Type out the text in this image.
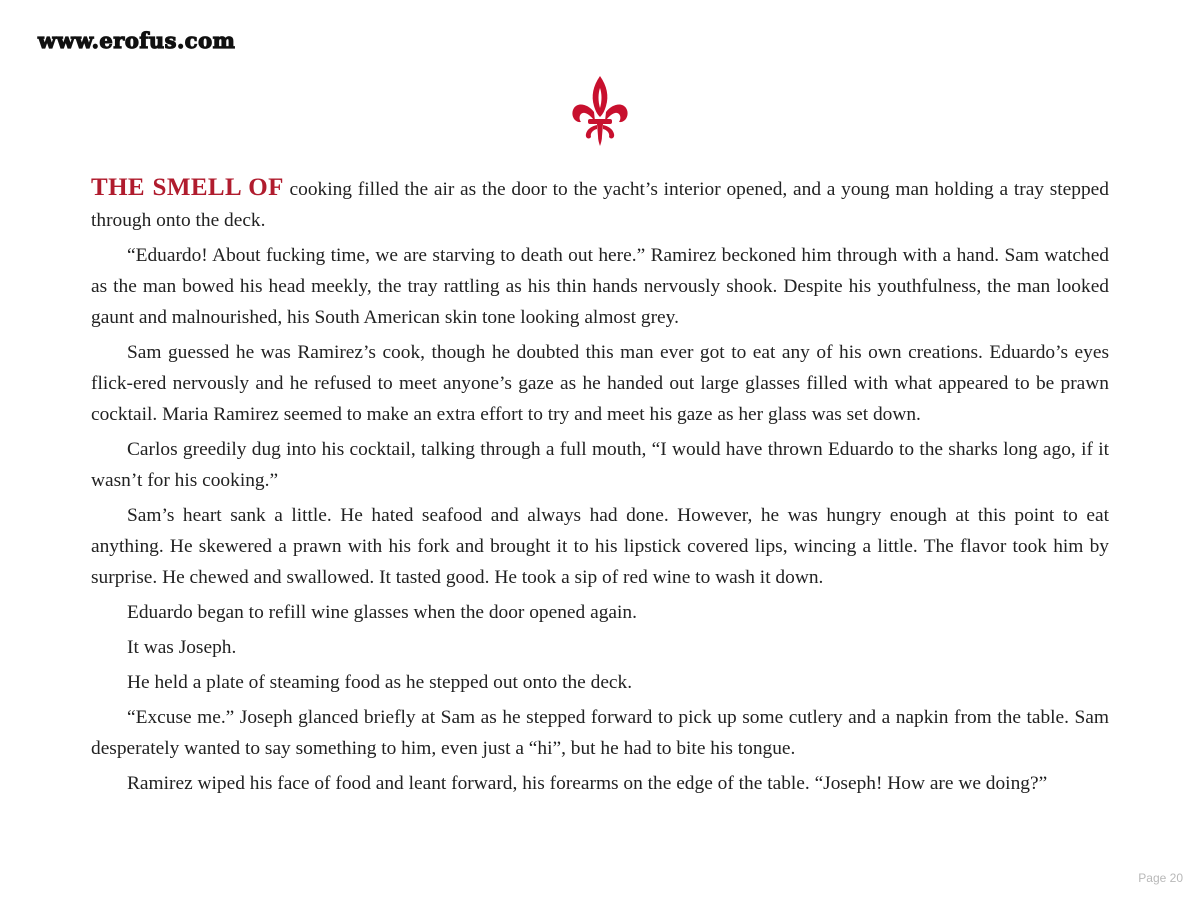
www.erofus.com

THE SMELL OF cooking filled the air as the door to the yacht’s interior opened, and a young man holding a tray stepped through onto the deck.

“Eduardo! About fucking time, we are starving to death out here.” Ramirez beckoned him through with a hand. Sam watched as the man bowed his head meekly, the tray rattling as his thin hands nervously shook. Despite his youthfulness, the man looked gaunt and malnourished, his South American skin tone looking almost grey.

Sam guessed he was Ramirez’s cook, though he doubted this man ever got to eat any of his own creations. Eduardo’s eyes flick-ered nervously and he refused to meet anyone’s gaze as he handed out large glasses filled with what appeared to be prawn cocktail. Maria Ramirez seemed to make an extra effort to try and meet his gaze as her glass was set down.

Carlos greedily dug into his cocktail, talking through a full mouth, “I would have thrown Eduardo to the sharks long ago, if it wasn’t for his cooking.”

Sam’s heart sank a little. He hated seafood and always had done. However, he was hungry enough at this point to eat anything. He skewered a prawn with his fork and brought it to his lipstick covered lips, wincing a little. The flavor took him by surprise. He chewed and swallowed. It tasted good. He took a sip of red wine to wash it down.

Eduardo began to refill wine glasses when the door opened again.

It was Joseph.

He held a plate of steaming food as he stepped out onto the deck.

“Excuse me.” Joseph glanced briefly at Sam as he stepped forward to pick up some cutlery and a napkin from the table. Sam desperately wanted to say something to him, even just a “hi”, but he had to bite his tongue.

Ramirez wiped his face of food and leant forward, his forearms on the edge of the table. “Joseph! How are we doing?”

Page 20
